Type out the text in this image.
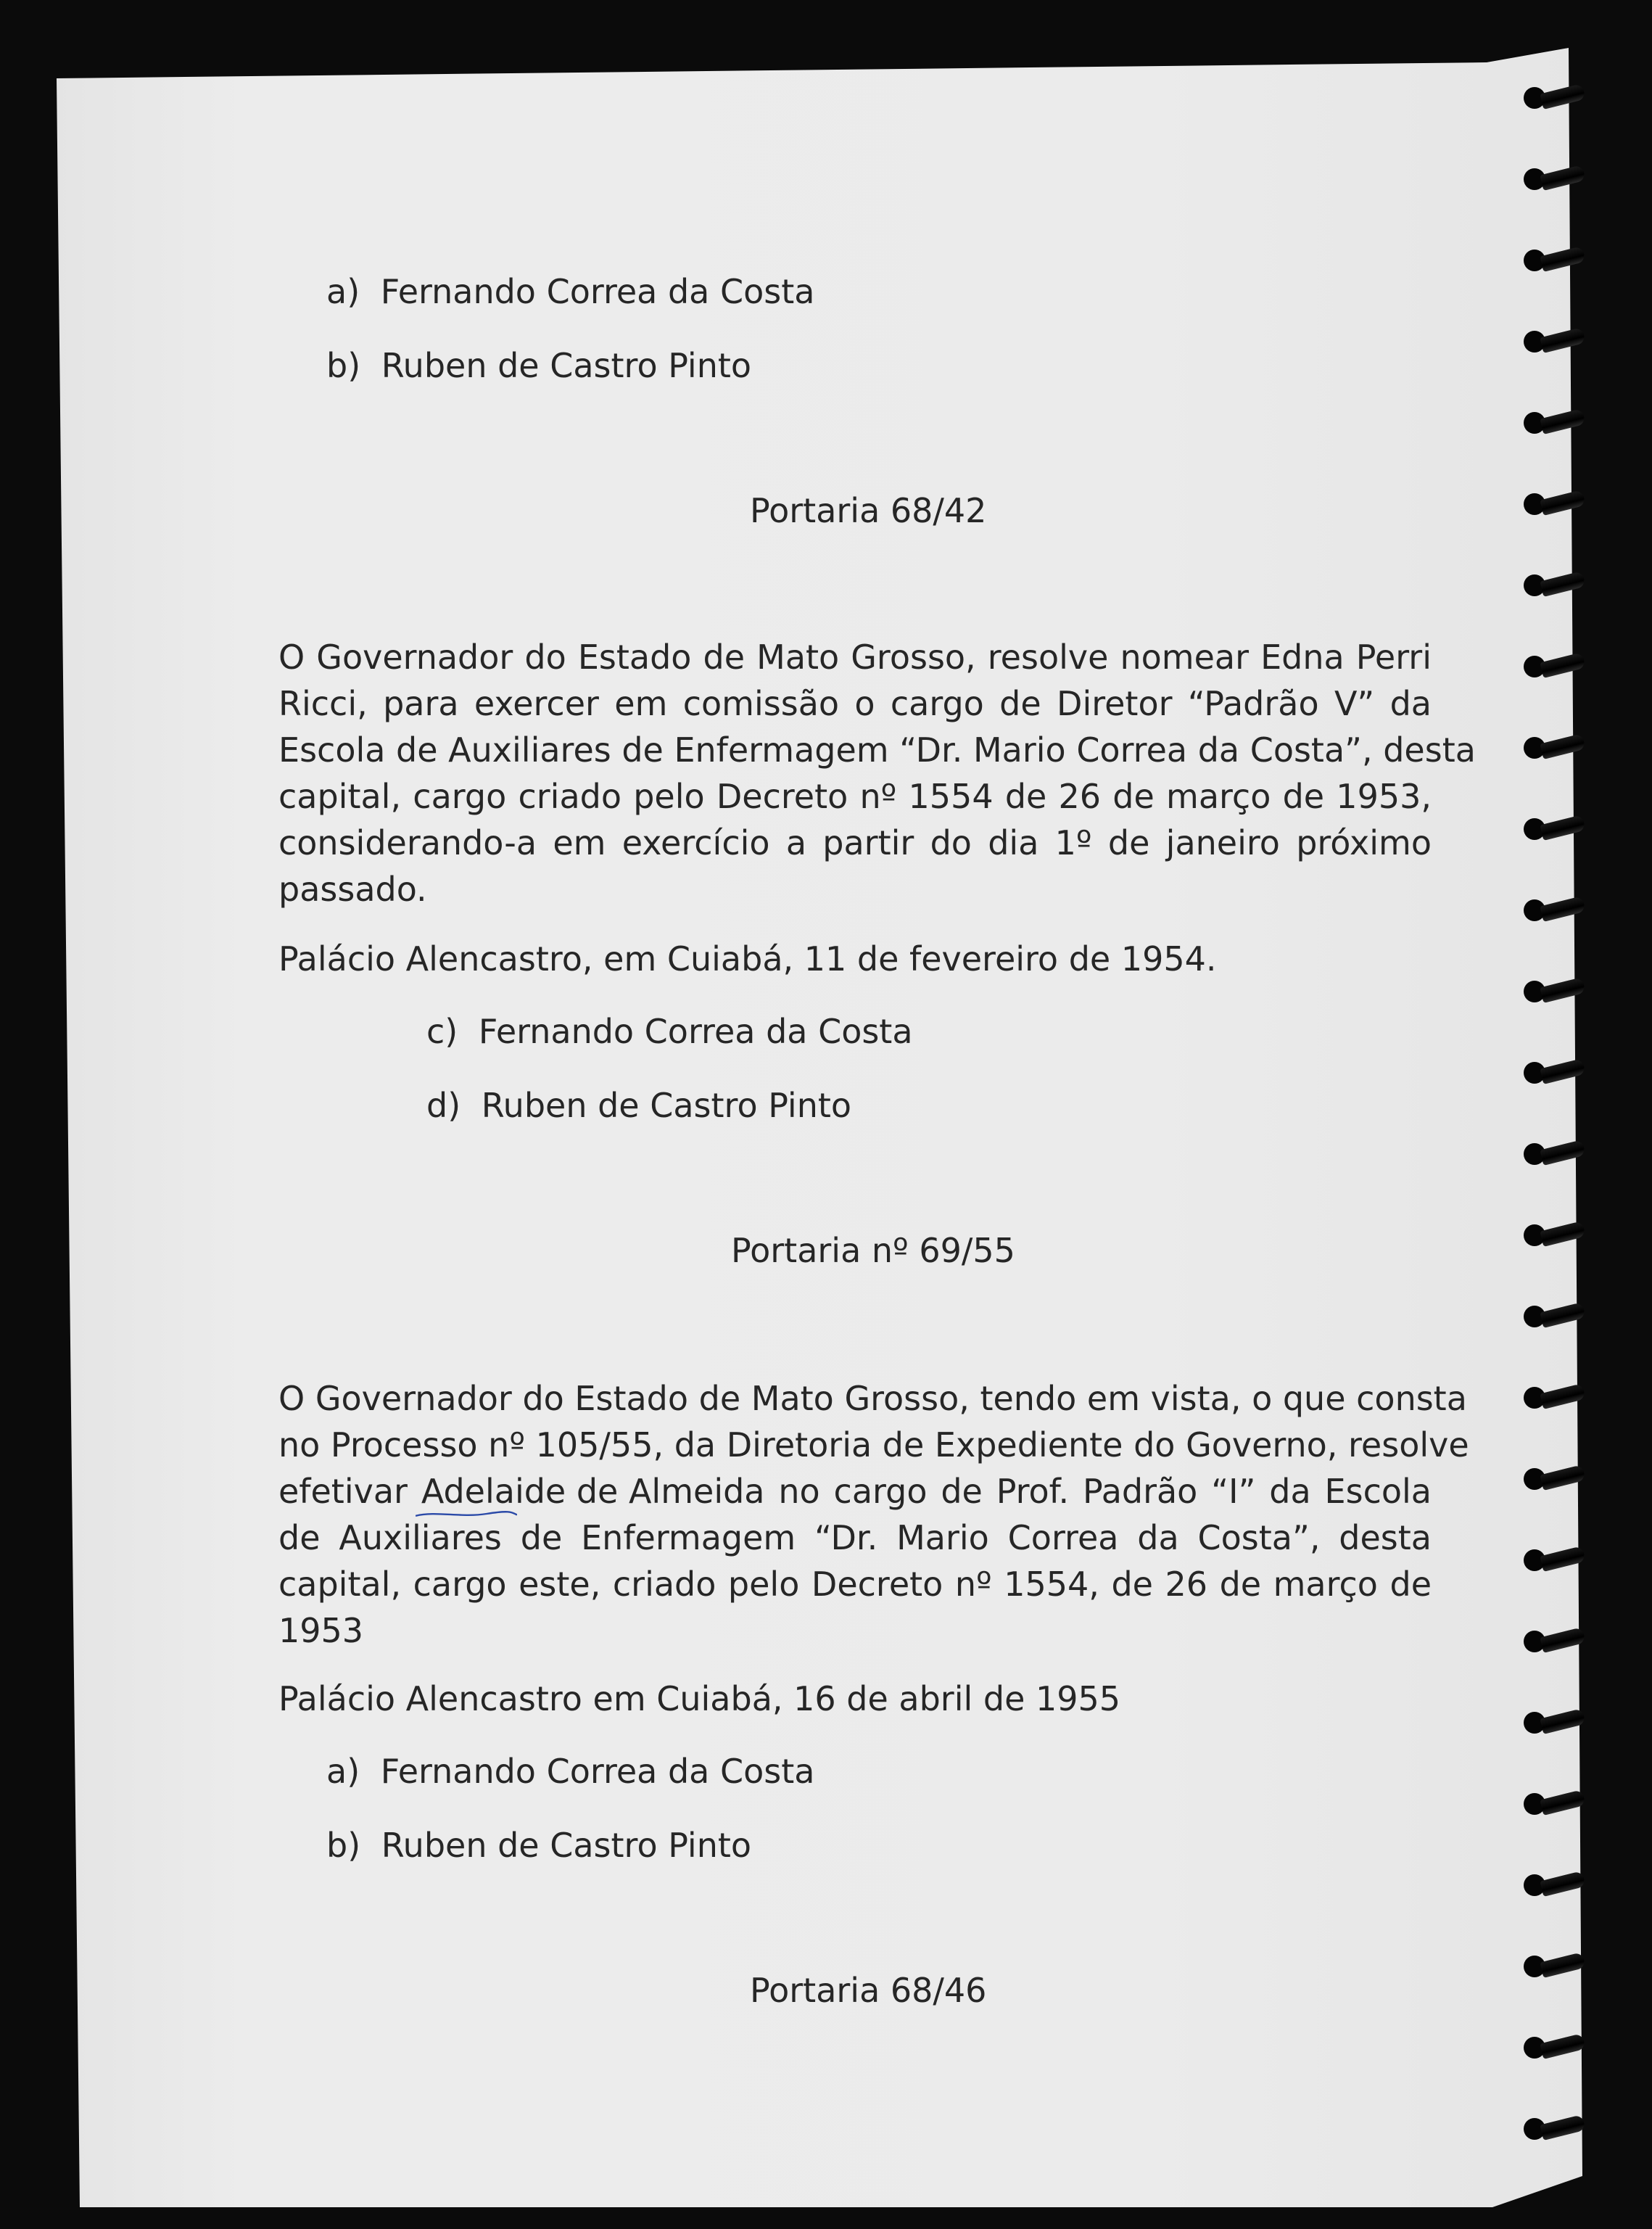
a) Fernando Correa da Costa
b) Ruben de Castro Pinto
Portaria 68/42
O Governador do Estado de Mato Grosso, resolve nomear Edna Perri
Ricci, para exercer em comissão o cargo de Diretor “Padrão V” da
Escola de Auxiliares de Enfermagem “Dr. Mario Correa da Costa”, desta
capital, cargo criado pelo Decreto nº 1554 de 26 de março de 1953,
considerando-a em exercício a partir do dia 1º de janeiro próximo
passado.
Palácio Alencastro, em Cuiabá, 11 de fevereiro de 1954.
c) Fernando Correa da Costa
d) Ruben de Castro Pinto
Portaria nº 69/55
O Governador do Estado de Mato Grosso, tendo em vista, o que consta
no Processo nº 105/55, da Diretoria de Expediente do Governo, resolve
efetivar Adelaide de Almeida no cargo de Prof. Padrão “I” da Escola
de Auxiliares de Enfermagem “Dr. Mario Correa da Costa”, desta
capital, cargo este, criado pelo Decreto nº 1554, de 26 de março de
1953
Palácio Alencastro em Cuiabá, 16 de abril de 1955
a) Fernando Correa da Costa
b) Ruben de Castro Pinto
Portaria 68/46
